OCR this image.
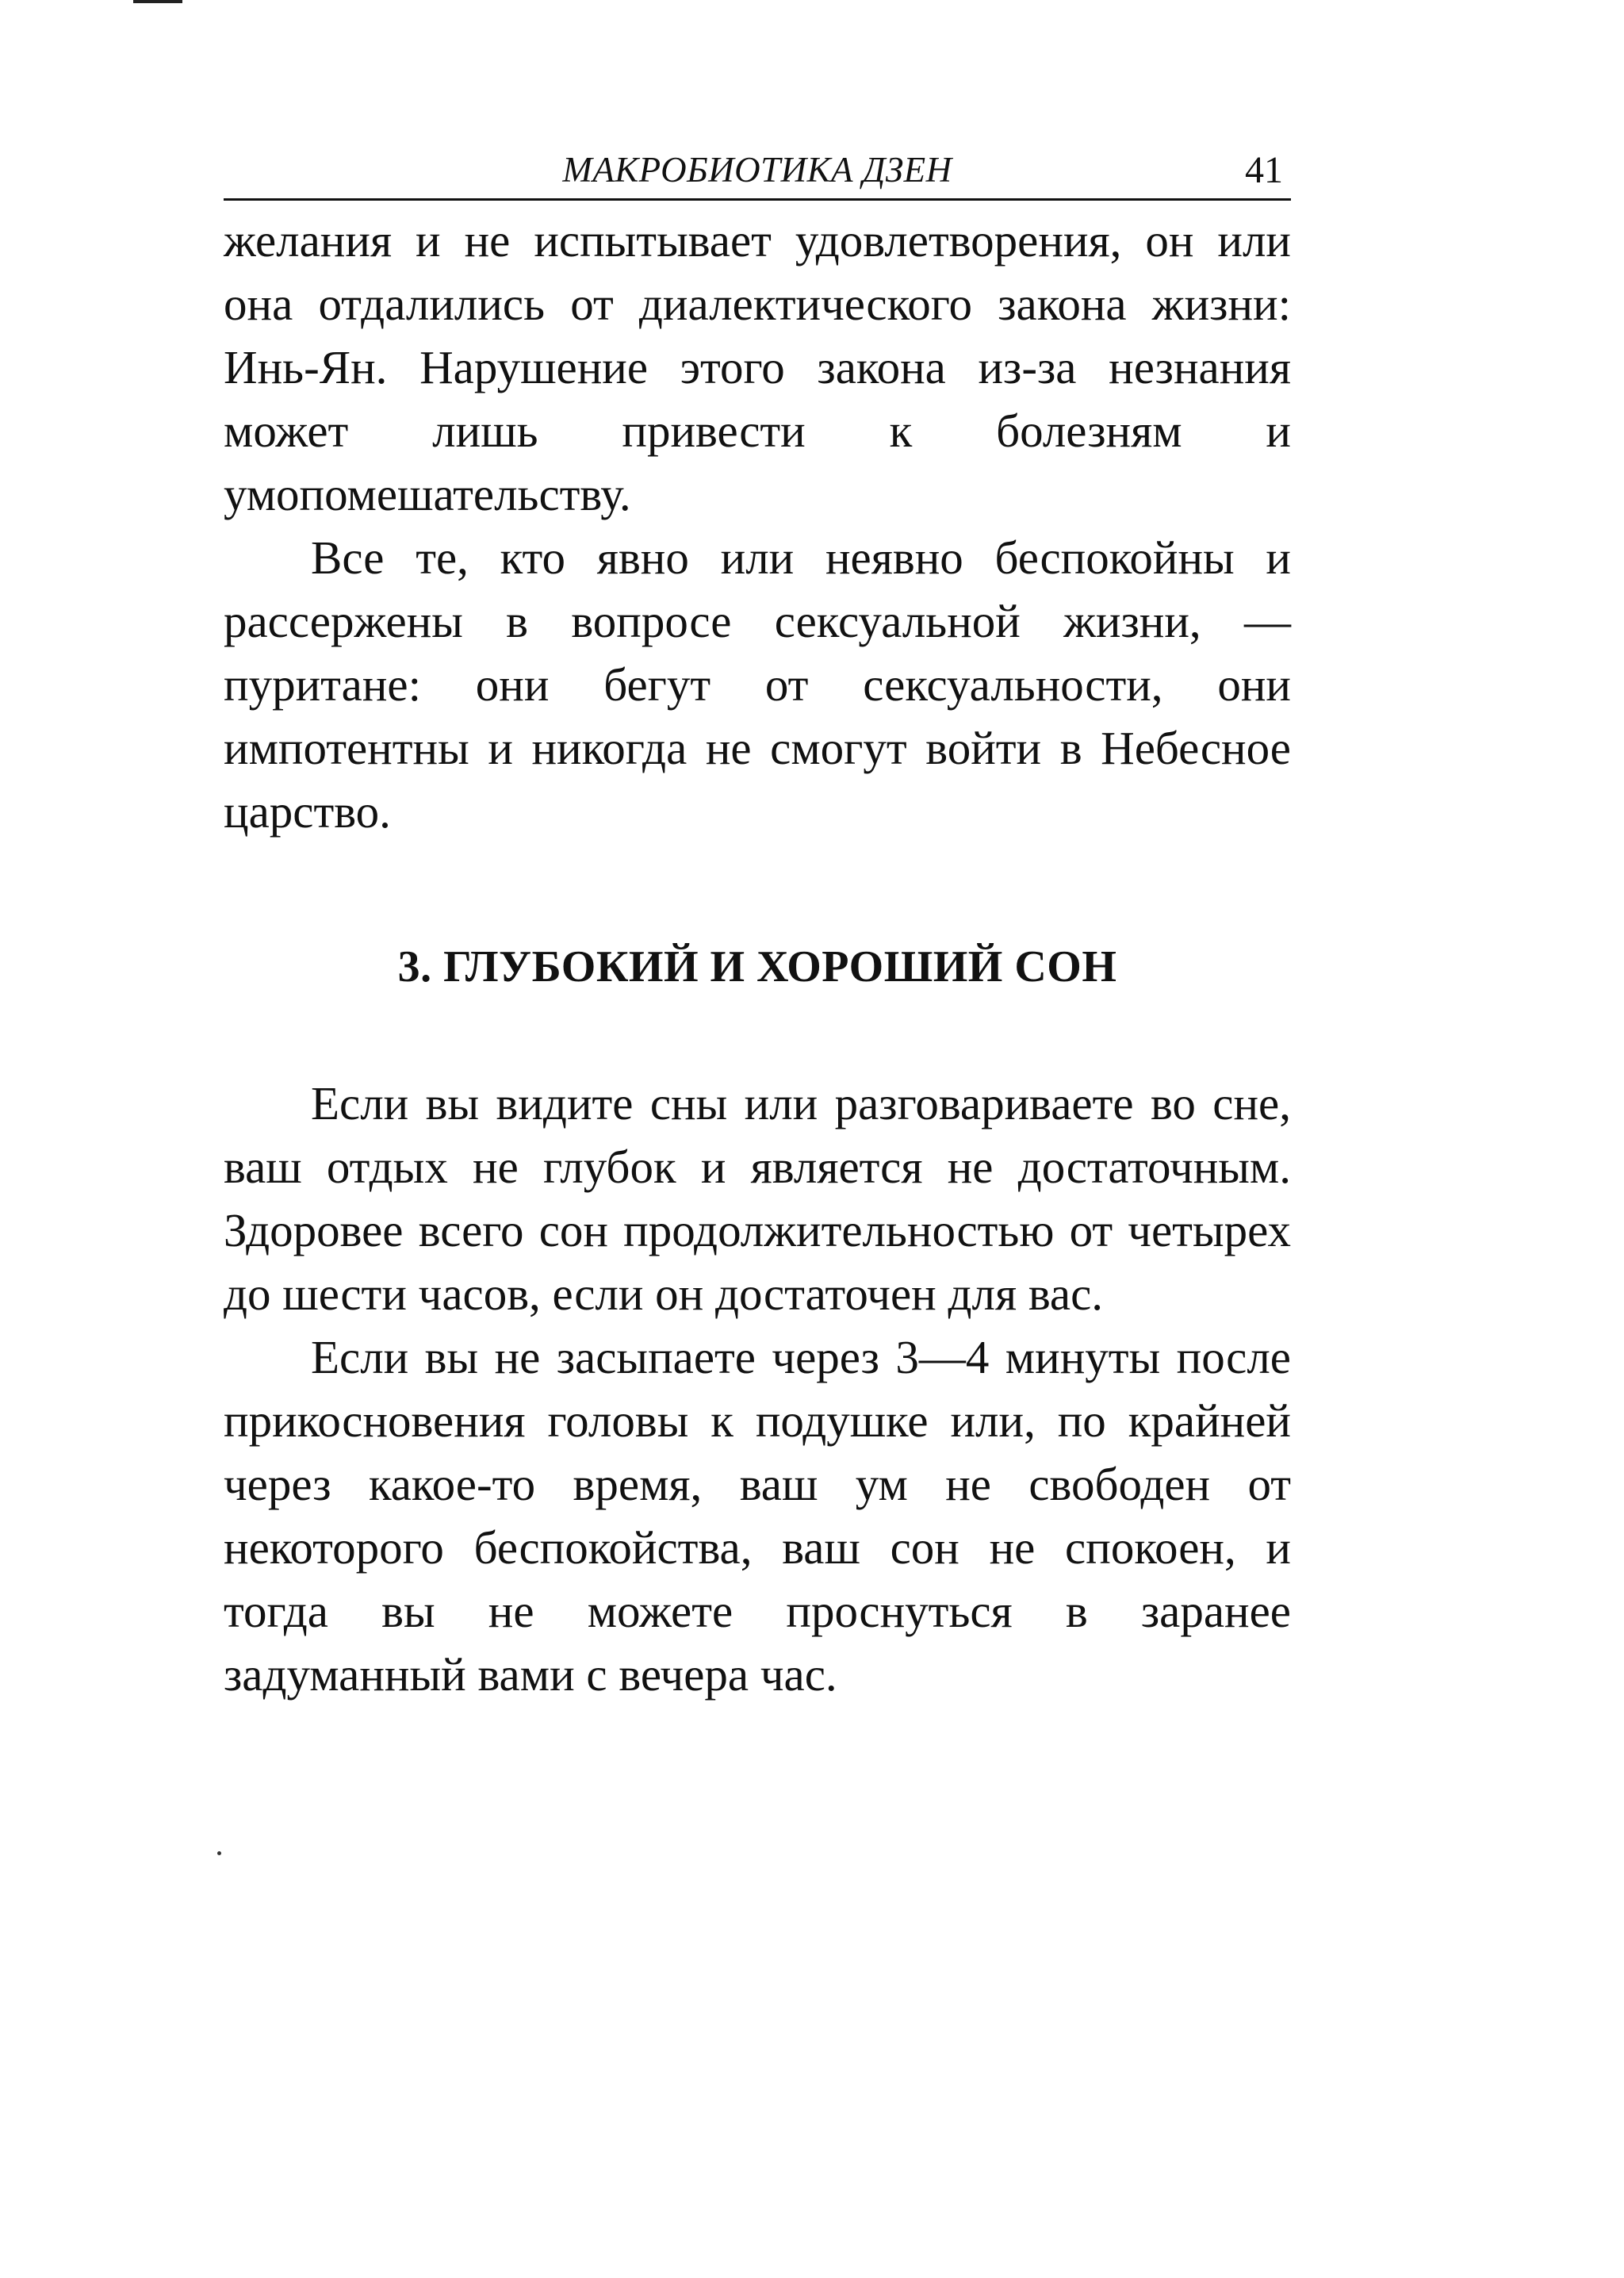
МАКРОБИОТИКА ДЗЕН	41

желания и не испытывает удовлетворения, он или она отдалились от диалектического закона жизни: Инь-Ян. Нарушение этого закона из-за незнания может лишь привести к болезням и умопомешательству.

Все те, кто явно или неявно беспокойны и рассержены в вопросе сексуальной жизни, — пуритане: они бегут от сексуальности, они импотентны и никогда не смогут войти в Небесное царство.

3. ГЛУБОКИЙ И ХОРОШИЙ СОН

Если вы видите сны или разговариваете во сне, ваш отдых не глубок и является не достаточным. Здоровее всего сон продолжительностью от четырех до шести часов, если он достаточен для вас.

Если вы не засыпаете через 3—4 минуты после прикосновения головы к подушке или, по крайней через какое-то время, ваш ум не свободен от некоторого беспокойства, ваш сон не спокоен, и тогда вы не можете проснуться в заранее задуманный вами с вечера час.
